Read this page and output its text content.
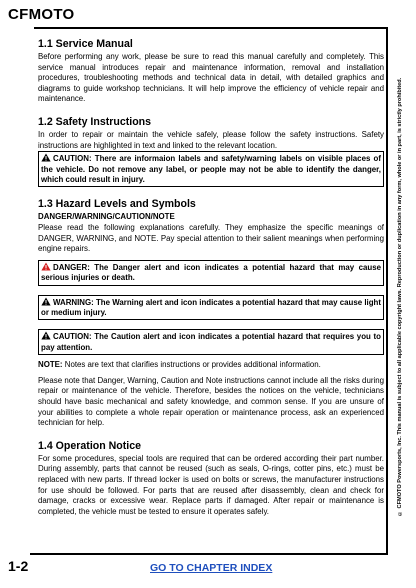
CFMOTO
© CFMOTO Powersports, Inc. This manual is subject to all applicable copyright laws. Reproduction or duplication in any form, whole or in part, is strictly prohibited.
1.1 Service Manual

Before performing any work, please be sure to read this manual carefully and completely. This service manual introduces repair and maintenance information, removal and installation procedures, troubleshooting methods and technical data in detail, with detailed graphics and diagrams to guide workshop technicians. It will help improve the efficiency of vehicle repair and maintenance.

1.2 Safety Instructions

In order to repair or maintain the vehicle safely, please follow the safety instructions. Safety instructions are highlighted in text and linked to the relevant location.

CAUTION: There are informaion labels and safety/warning labels on visible places of the vehicle. Do not remove any label, or people may not be able to identify the danger, which could result in injury.
1.3 Hazard Levels and Symbols
DANGER/WARNING/CAUTION/NOTE

Please read the following explanations carefully. They emphasize the specific meanings of DANGER, WARNING, and NOTE. Pay special attention to their salient meanings when performing engine repairs.

DANGER: The Danger alert and icon indicates a potential hazard that may cause serious injuries or death.
WARNING: The Warning alert and icon indicates a potential hazard that may cause light or medium injury.
CAUTION: The Caution alert and icon indicates a potential hazard that requires you to pay attention.

NOTE: Notes are text that clarifies instructions or provides additional information.

Please note that Danger, Warning, Caution and Note instructions cannot include all the risks during repair or maintenance of the vehicle. Therefore, besides the notices on the vehicle, technicians should have basic mechanical and safety knowledge, and common sense. If you are unsure of your abilities to complete a whole repair operation or maintenance process, ask an experienced technician for help.

1.4 Operation Notice

For some procedures, special tools are required that can be ordered according their part number. During assembly, parts that cannot be reused (such as seals, O-rings, cotter pins, etc.) must be replaced with new parts. If thread locker is used on bolts or screws, the manufacturer instructions for use should be followed. For parts that are reused after disassembly, clean and check for damage, cracks or excessive wear. Replace parts if damaged. After repair or maintenance is completed, the vehicle must be tested to ensure it operates safely.

1-2	GO TO CHAPTER INDEX
